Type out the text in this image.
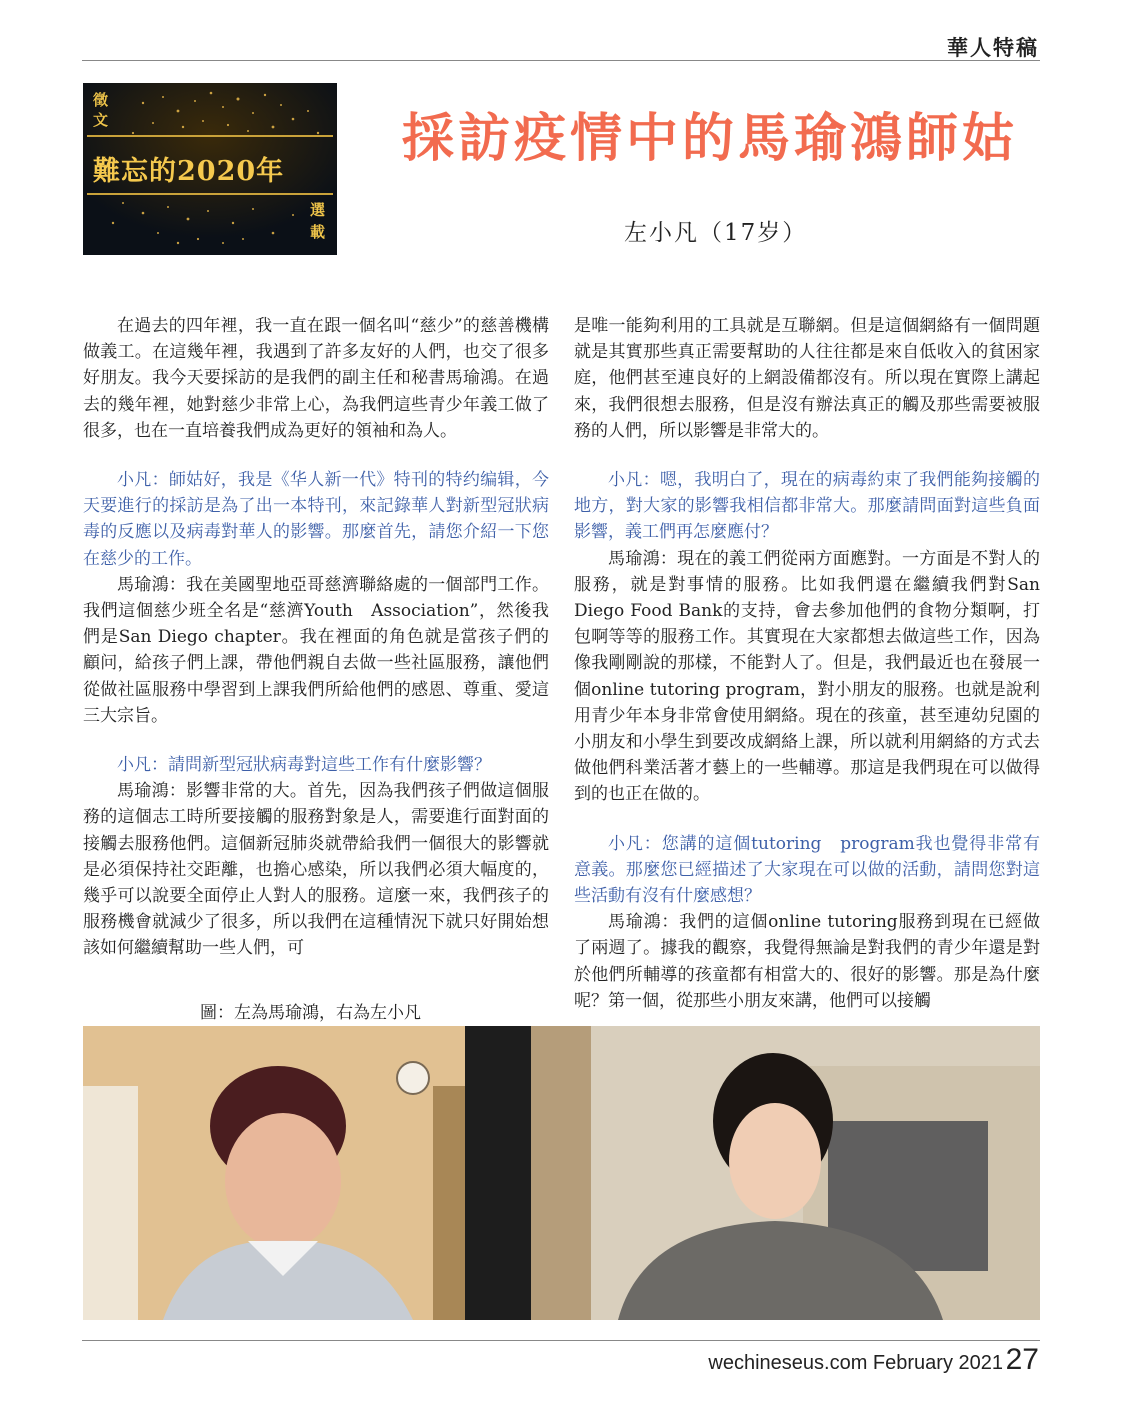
華人特稿
徵
文
難忘的2020年
選
載
採訪疫情中的馬瑜鴻師姑
左小凡（17岁）

在過去的四年裡，我一直在跟一個名叫“慈少”的慈善機構做義工。在這幾年裡，我遇到了許多友好的人們，也交了很多好朋友。我今天要採訪的是我們的副主任和秘書馬瑜鴻。在過去的幾年裡，她對慈少非常上心，為我們這些青少年義工做了很多，也在一直培養我們成為更好的領袖和為人。

小凡：師姑好，我是《华人新一代》特刊的特约编辑，今天要進行的採訪是為了出一本特刊，來記錄華人對新型冠狀病毒的反應以及病毒對華人的影響。那麼首先，請您介紹一下您在慈少的工作。

馬瑜鴻：我在美國聖地亞哥慈濟聯絡處的一個部門工作。我們這個慈少班全名是“慈濟Youth　Association”，然後我們是San Diego chapter。我在裡面的角色就是當孩子們的顧问，給孩子們上課，帶他們親自去做一些社區服務，讓他們從做社區服務中學習到上課我們所給他們的感恩、尊重、愛這三大宗旨。

小凡：請問新型冠狀病毒對這些工作有什麼影響？

馬瑜鴻：影響非常的大。首先，因為我們孩子們做這個服務的這個志工時所要接觸的服務對象是人，需要進行面對面的接觸去服務他們。這個新冠肺炎就帶給我們一個很大的影響就是必須保持社交距離，也擔心感染，所以我們必須大幅度的，幾乎可以說要全面停止人對人的服務。這麼一來，我們孩子的服務機會就減少了很多，所以我們在這種情況下就只好開始想該如何繼續幫助一些人們，可

是唯一能夠利用的工具就是互聯網。但是這個網絡有一個問題就是其實那些真正需要幫助的人往往都是來自低收入的貧困家庭，他們甚至連良好的上網設備都沒有。所以現在實際上講起來，我們很想去服務，但是沒有辦法真正的觸及那些需要被服務的人們，所以影響是非常大的。

小凡：嗯，我明白了，現在的病毒約束了我們能夠接觸的地方，對大家的影響我相信都非常大。那麼請問面對這些負面影響，義工們再怎麼應付？

馬瑜鴻：現在的義工們從兩方面應對。一方面是不對人的服務，就是對事情的服務。比如我們還在繼續我們對San Diego Food Bank的支持，會去參加他們的食物分類啊，打包啊等等的服務工作。其實現在大家都想去做這些工作，因為像我剛剛說的那樣，不能對人了。但是，我們最近也在發展一個online tutoring program，對小朋友的服務。也就是說利用青少年本身非常會使用網絡。現在的孩童，甚至連幼兒園的小朋友和小學生到要改成網絡上課，所以就利用網絡的方式去做他們科業活著才藝上的一些輔導。那這是我們現在可以做得到的也正在做的。

小凡：您講的這個tutoring　program我也覺得非常有意義。那麼您已經描述了大家現在可以做的活動，請問您對這些活動有沒有什麼感想？

馬瑜鴻：我們的這個online tutoring服務到現在已經做了兩週了。據我的觀察，我覺得無論是對我們的青少年還是對於他們所輔導的孩童都有相當大的、很好的影響。那是為什麼呢？第一個，從那些小朋友來講，他們可以接觸

圖：左為馬瑜鴻，右為左小凡
wechineseus.com February 2021 27
